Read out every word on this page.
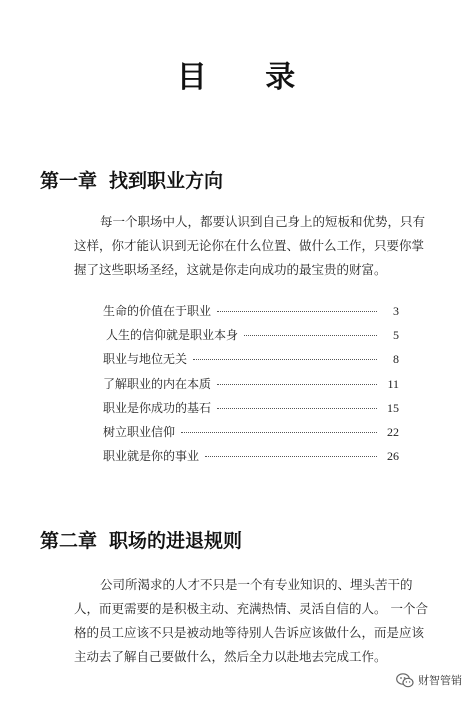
目 录
第一章 找到职业方向

每一个职场中人，都要认识到自己身上的短板和优势，只有这样，你才能认识到无论你在什么位置、做什么工作，只要你掌握了这些职场圣经，这就是你走向成功的最宝贵的财富。

生命的价值在于职业	3
人生的信仰就是职业本身	5
职业与地位无关	8
了解职业的内在本质	11
职业是你成功的基石	15
树立职业信仰	22
职业就是你的事业	26
第二章 职场的进退规则

公司所渴求的人才不只是一个有专业知识的、埋头苦干的人，而更需要的是积极主动、充满热情、灵活自信的人。 一个合格的员工应该不只是被动地等待别人告诉应该做什么，而是应该主动去了解自己要做什么，然后全力以赴地去完成工作。

财智管销
